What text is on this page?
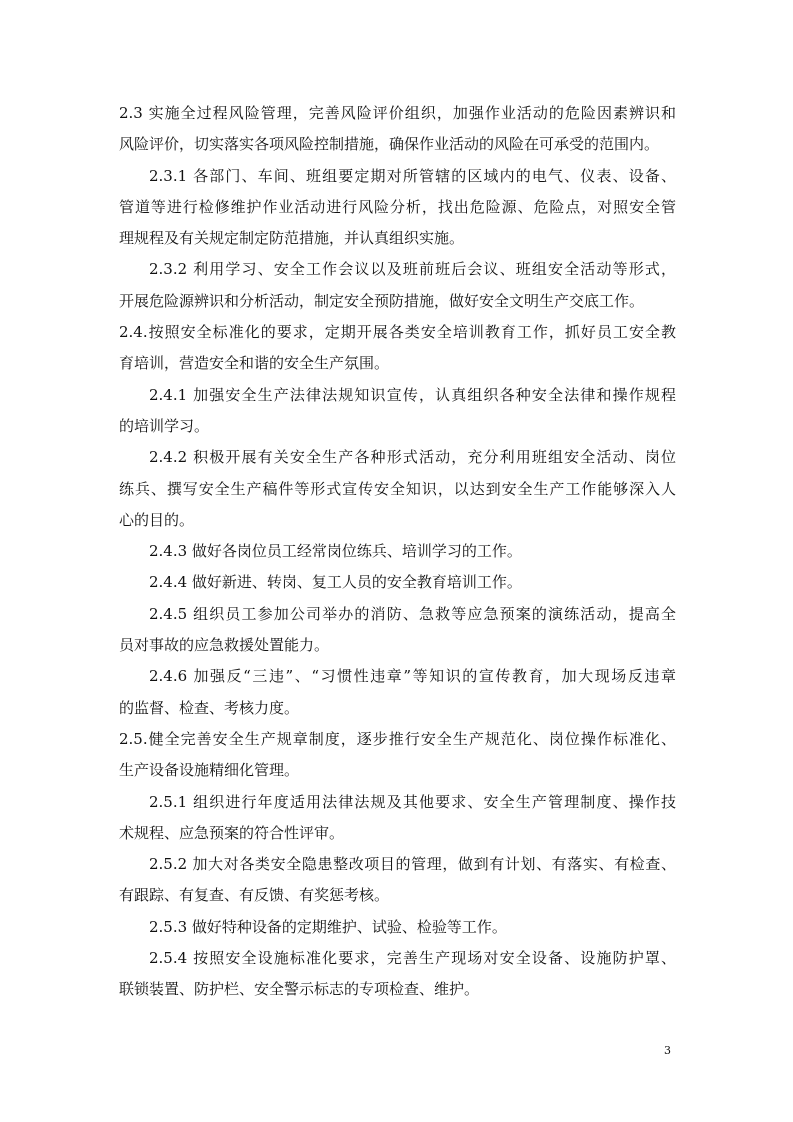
2.3 实施全过程风险管理，完善风险评价组织，加强作业活动的危险因素辨识和
风险评价，切实落实各项风险控制措施，确保作业活动的风险在可承受的范围内。
2.3.1 各部门、车间、班组要定期对所管辖的区域内的电气、仪表、设备、
管道等进行检修维护作业活动进行风险分析，找出危险源、危险点，对照安全管
理规程及有关规定制定防范措施，并认真组织实施。
2.3.2 利用学习、安全工作会议以及班前班后会议、班组安全活动等形式，
开展危险源辨识和分析活动，制定安全预防措施，做好安全文明生产交底工作。
2.4.按照安全标准化的要求，定期开展各类安全培训教育工作，抓好员工安全教
育培训，营造安全和谐的安全生产氛围。
2.4.1 加强安全生产法律法规知识宣传，认真组织各种安全法律和操作规程
的培训学习。
2.4.2 积极开展有关安全生产各种形式活动，充分利用班组安全活动、岗位
练兵、撰写安全生产稿件等形式宣传安全知识，以达到安全生产工作能够深入人
心的目的。
2.4.3 做好各岗位员工经常岗位练兵、培训学习的工作。
2.4.4 做好新进、转岗、复工人员的安全教育培训工作。
2.4.5 组织员工参加公司举办的消防、急救等应急预案的演练活动，提高全
员对事故的应急救援处置能力。
2.4.6 加强反“三违”、“习惯性违章”等知识的宣传教育，加大现场反违章
的监督、检查、考核力度。
2.5.健全完善安全生产规章制度，逐步推行安全生产规范化、岗位操作标准化、
生产设备设施精细化管理。
2.5.1 组织进行年度适用法律法规及其他要求、安全生产管理制度、操作技
术规程、应急预案的符合性评审。
2.5.2 加大对各类安全隐患整改项目的管理，做到有计划、有落实、有检查、
有跟踪、有复查、有反馈、有奖惩考核。
2.5.3 做好特种设备的定期维护、试验、检验等工作。
2.5.4 按照安全设施标准化要求，完善生产现场对安全设备、设施防护罩、
联锁装置、防护栏、安全警示标志的专项检查、维护。
3
